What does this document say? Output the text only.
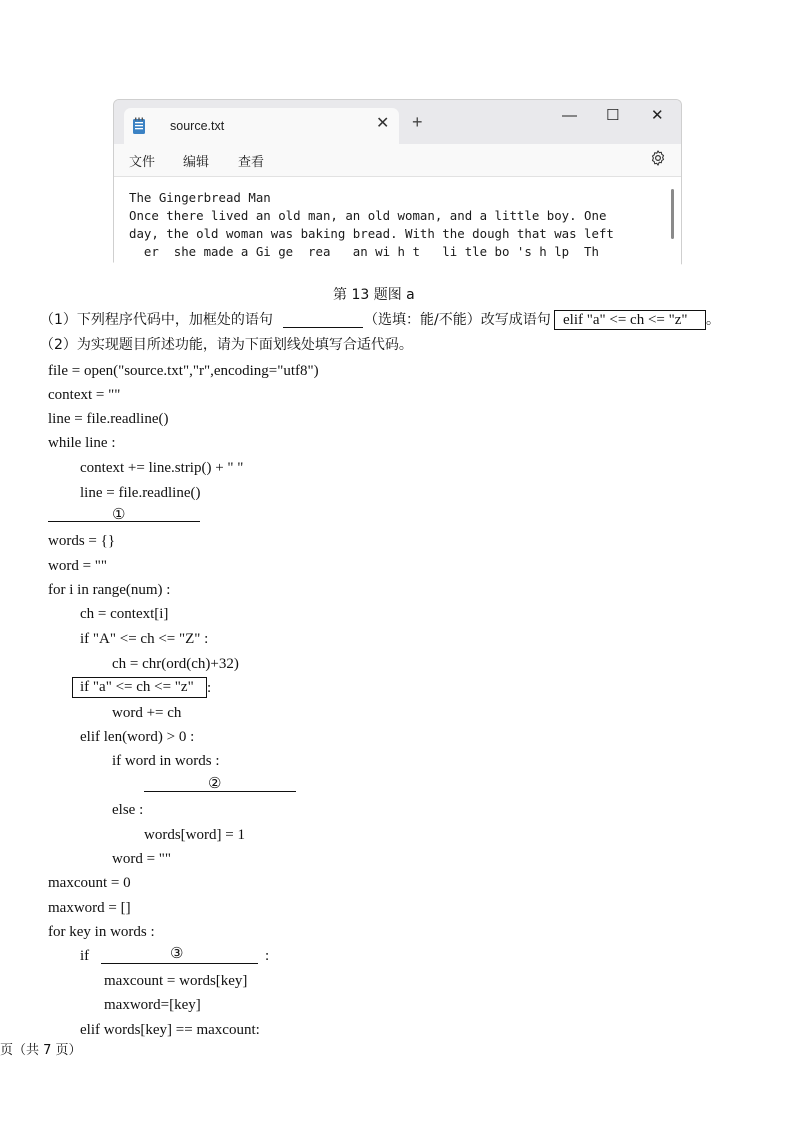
source.txt	✕ +	— ☐ ✕
文件 编辑 查看
The Gingerbread Man
Once there lived an old man, an old woman, and a little boy. One
day, the old woman was baking bread. With the dough that was left
er  she made a Gi ge  rea   an wi h t   li tle bo 's h lp  Th
第 13 题图 a
（1）下列程序代码中，加框处的语句	（选填：能/不能）改写成语句 elif "a" <= ch <= "z" 。
（2）为实现题目所述功能，请为下面划线处填写合适代码。
file = open("source.txt","r",encoding="utf8")
context = ""
line = file.readline()
while line :
context += line.strip() + " "
line = file.readline()
①
words = {}
word = ""
for i in range(num) :
ch = context[i]
if "A" <= ch <= "Z" :
ch = chr(ord(ch)+32)
if "a" <= ch <= "z" :
word += ch
elif len(word) > 0 :
if word in words :
②
else :
words[word] = 1
word = ""
maxcount = 0
maxword = []
for key in words :
if	③	:
maxcount = words[key]
maxword=[key]
elif words[key] == maxcount:
页（共 7 页）
